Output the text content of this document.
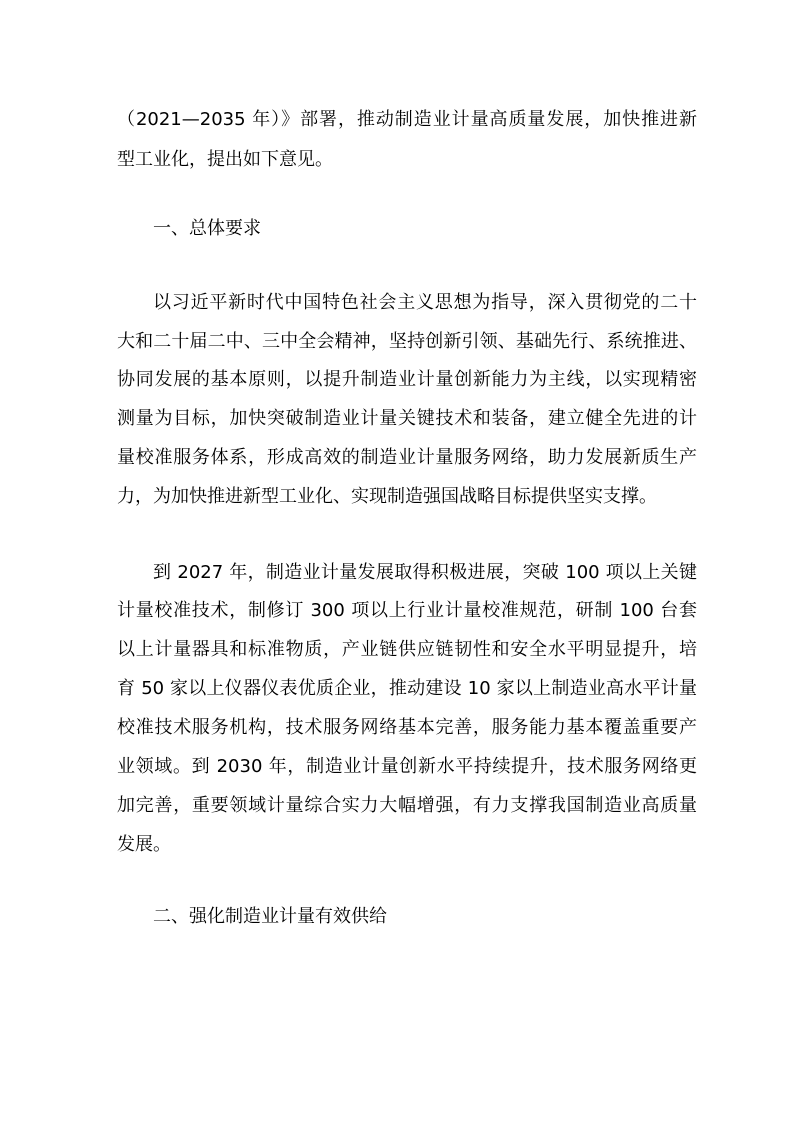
（2021—2035 年）》部署，推动制造业计量高质量发展，加快推进新
型工业化，提出如下意见。
一、总体要求
以习近平新时代中国特色社会主义思想为指导，深入贯彻党的二十
大和二十届二中、三中全会精神，坚持创新引领、基础先行、系统推进、
协同发展的基本原则，以提升制造业计量创新能力为主线，以实现精密
测量为目标，加快突破制造业计量关键技术和装备，建立健全先进的计
量校准服务体系，形成高效的制造业计量服务网络，助力发展新质生产
力，为加快推进新型工业化、实现制造强国战略目标提供坚实支撑。
到 2027 年，制造业计量发展取得积极进展，突破 100 项以上关键
计量校准技术，制修订 300 项以上行业计量校准规范，研制 100 台套
以上计量器具和标准物质，产业链供应链韧性和安全水平明显提升，培
育 50 家以上仪器仪表优质企业，推动建设 10 家以上制造业高水平计量
校准技术服务机构，技术服务网络基本完善，服务能力基本覆盖重要产
业领域。到 2030 年，制造业计量创新水平持续提升，技术服务网络更
加完善，重要领域计量综合实力大幅增强，有力支撑我国制造业高质量
发展。
二、强化制造业计量有效供给
